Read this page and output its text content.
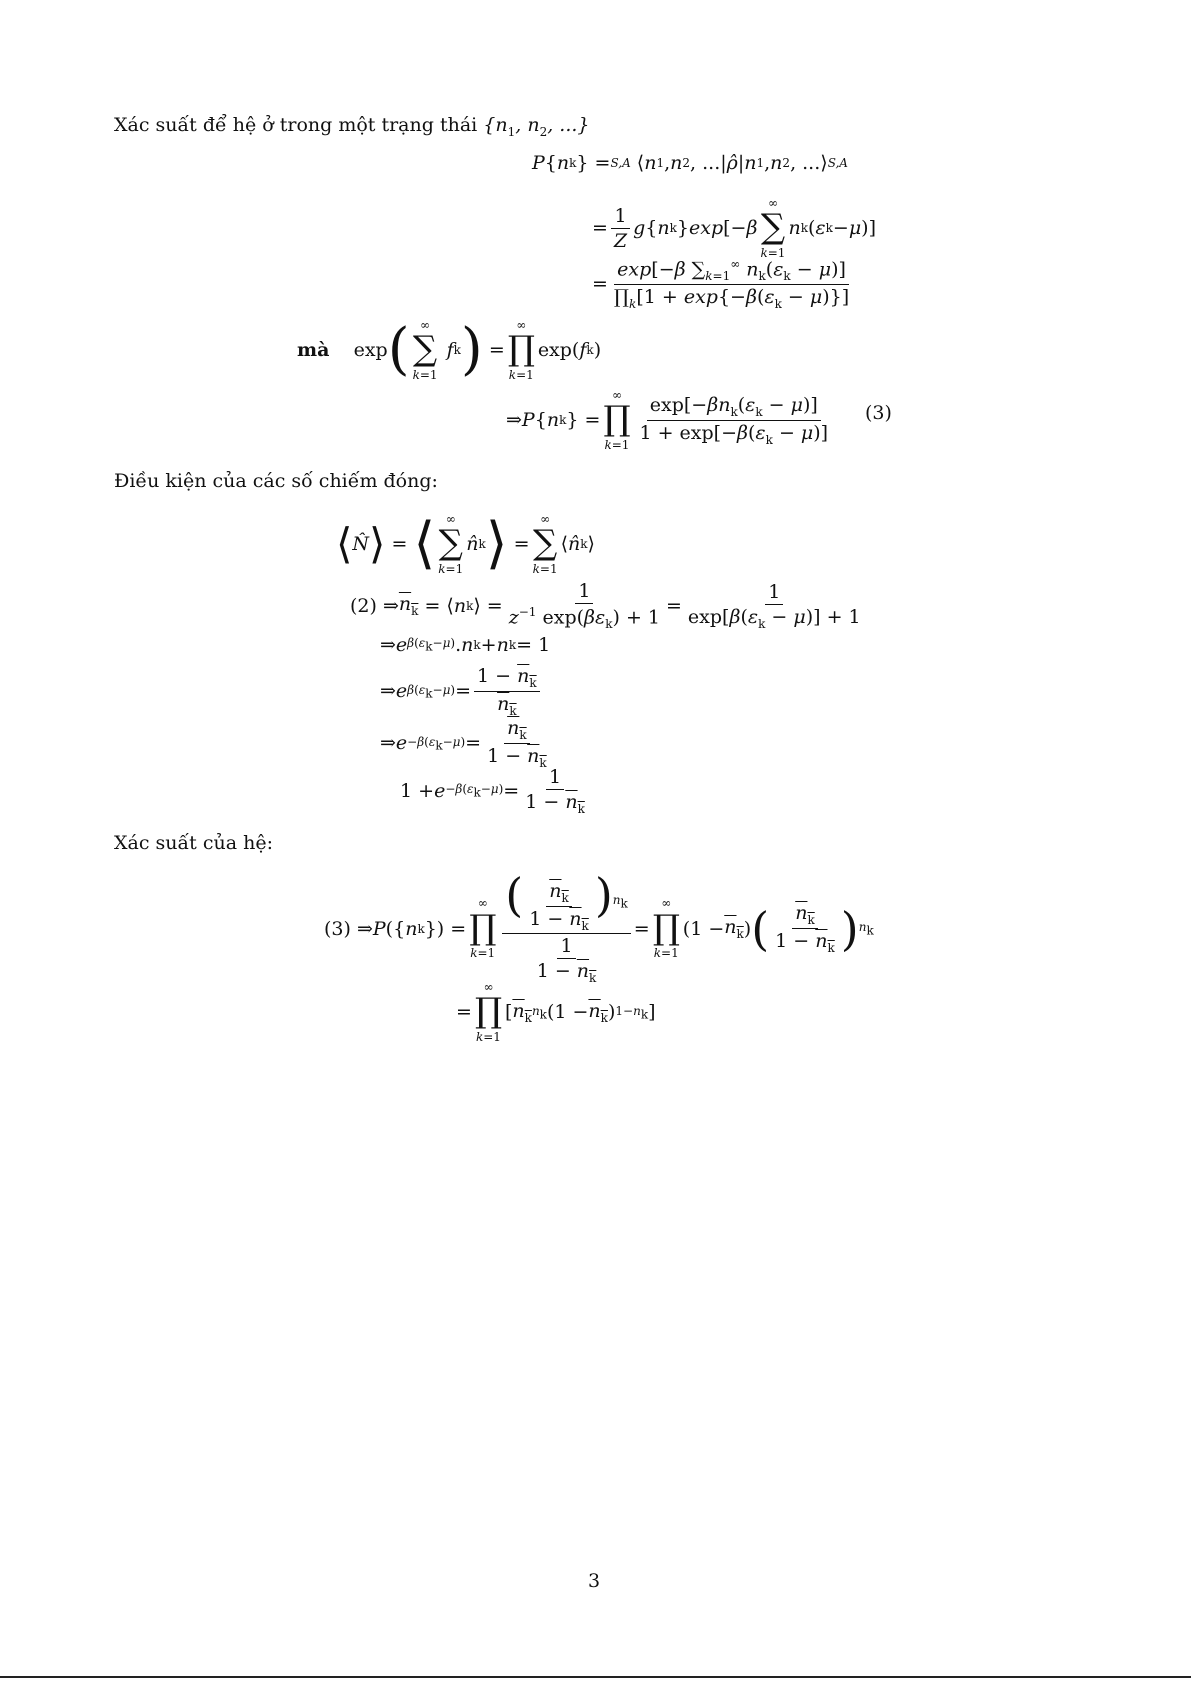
Xác suất để hệ ở trong một trạng thái {$n_1$, $n_2$, ...}
P { n k } = S,A ⟨ n 1 , n 2 , ...| ρ̂ | n 1 , n 2 , ...⟩ S,A
= $\frac{1}{Z}$ g { n k } exp [− β
∞
∑
k=1
n k ( ε k − μ )]
= $\frac{\exp[-\beta \sum_{k=1}^\infty n_k(\varepsilon_k - \mu)]}{\prod_k[1 + \exp\{-\beta(\varepsilon_k - \mu)\}]}$
mà exp ( ∞
∑
k=1

f k ) =
∞
∏
k=1
exp( f k )
⇒ P { n k } =
∞
∏
$k=1 \frac{\exp[-\beta n_k(\varepsilon_k - \mu)]}{1 + \exp[-\beta(\varepsilon_k - \mu)]} (3)$
Điều kiện của các số chiếm đóng:
⟨ N̂ ⟩ = ⟨ ∞
∑
k=1
n̂ k ⟩ =
∞
∑
k=1
⟨ n̂ k ⟩
(2) ⇒ $n_k$ = ⟨ n k ⟩ = $\frac{1}{z^{-1} \exp(\beta\varepsilon_k) + 1} = \frac{1}{\exp[\beta(\varepsilon_k - \mu)] + 1}$
⇒ e $\beta(\varepsilon_k-\mu)$ . n k + n k = 1
⇒ e $\beta(\varepsilon_k-\mu) = \frac{1 - n_k}{n_k}$
⇒ $e -\beta(\varepsilon_k-\mu) = \frac{n_k}{1 - n_k}$
$1 + e -\beta(\varepsilon_k-\mu) = \frac{1}{1 - n_k}$
Xác suất của hệ:
(3) ⇒ P ({ n k }) =
∞
∏
$k=1 \frac{( \frac{n_k}{1 - n_k} )^{n_k}}{\frac{1}{1 - n_k}}$ =
∞
∏
k=1
($1 - n_k$ ) ( $\frac{n_k}{1 - n_k}$ ) $n_k$
=
∞
∏
k=1
[ $n_k$
$n_k$ ($1 - n_k$ ) $1-n_k$ ]
3
